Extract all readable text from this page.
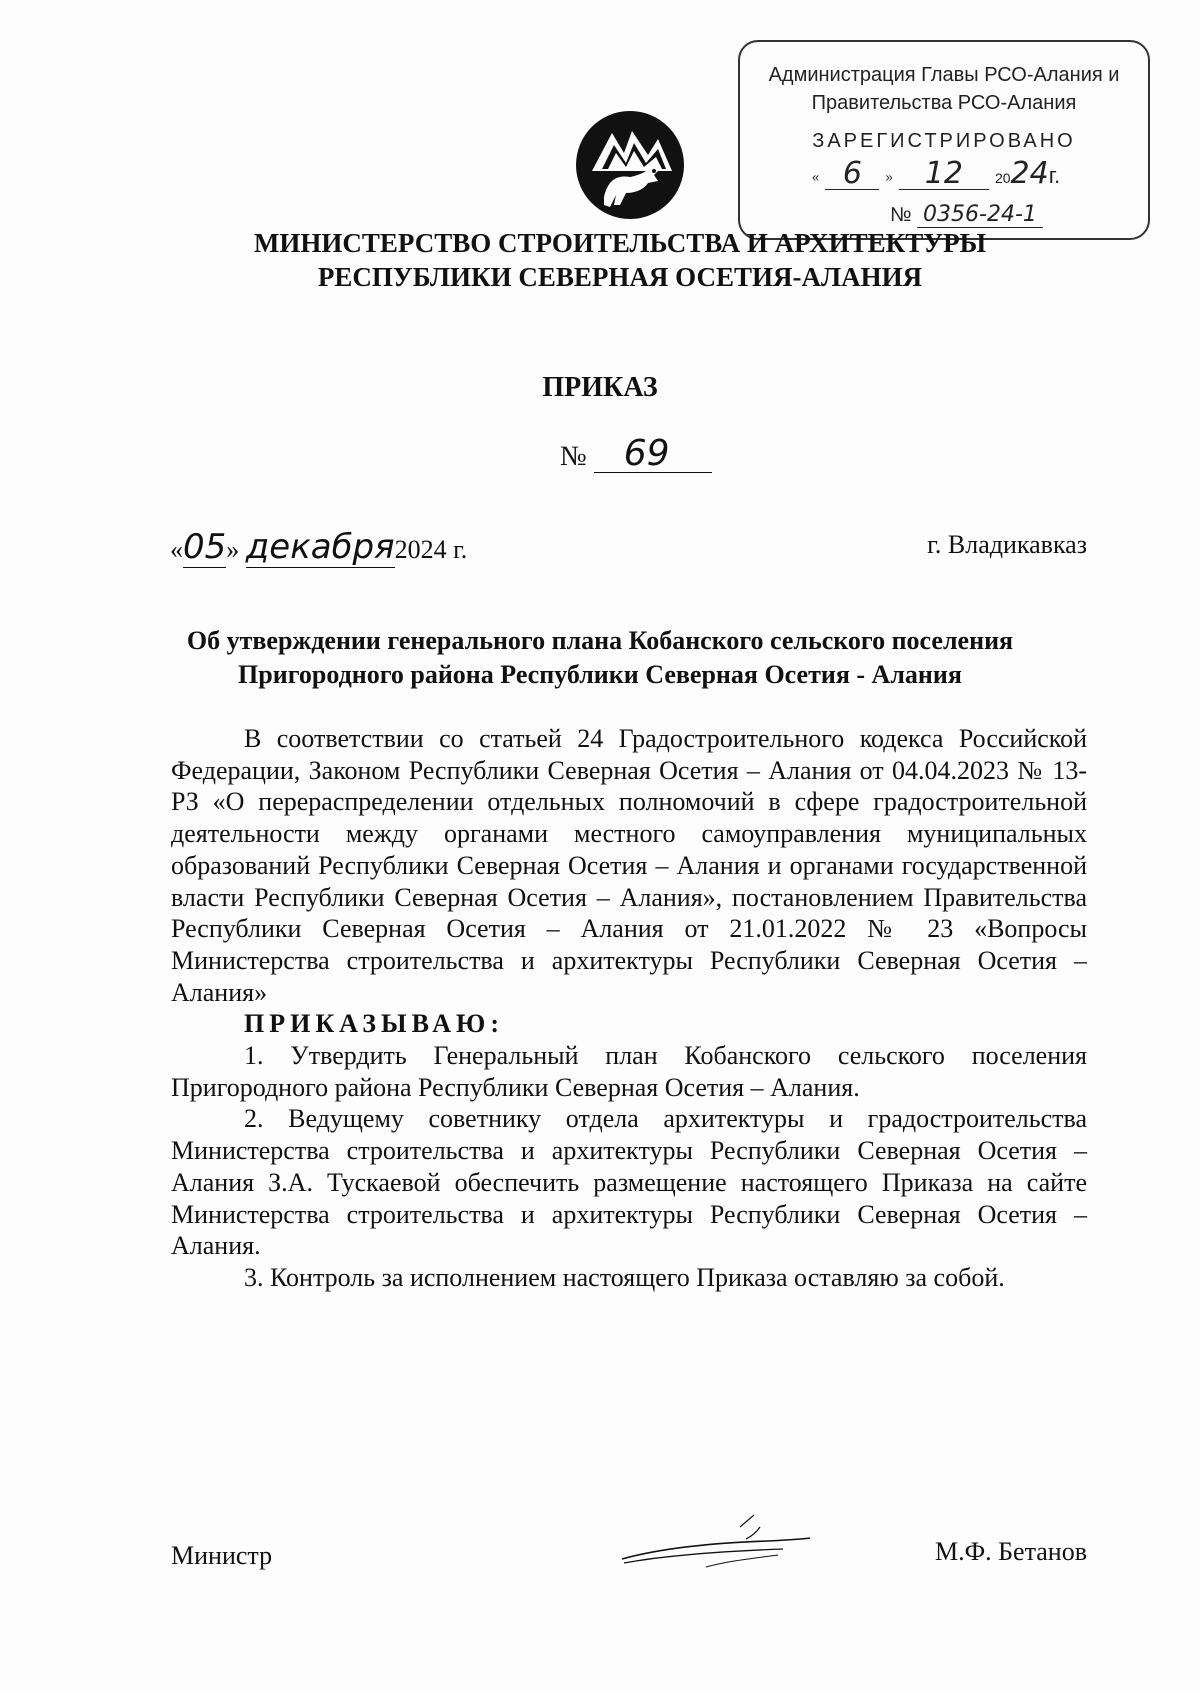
Администрация Главы РСО-Алания и
Правительства РСО-Алания
ЗАРЕГИСТРИРОВАНО
« 6 » 12 2024г.
№ 0356-24-1
МИНИСТЕРСТВО СТРОИТЕЛЬСТВА И АРХИТЕКТУРЫ
РЕСПУБЛИКИ СЕВЕРНАЯ ОСЕТИЯ-АЛАНИЯ
ПРИКАЗ
№ 69
«05» декабря2024 г.	г. Владикавказ
Об утверждении генерального плана Кобанского сельского поселения
Пригородного района Республики Северная Осетия - Алания

В соответствии со статьей 24 Градостроительного кодекса Российской Федерации, Законом Республики Северная Осетия – Алания от 04.04.2023 № 13-РЗ «О перераспределении отдельных полномочий в сфере градостроительной деятельности между органами местного самоуправления муниципальных образований Республики Северная Осетия – Алания и органами государственной власти Республики Северная Осетия – Алания», постановлением Правительства Республики Северная Осетия – Алания от 21.01.2022 № 23 «Вопросы Министерства строительства и архитектуры Республики Северная Осетия – Алания»

ПРИКАЗЫВАЮ:

1. Утвердить Генеральный план Кобанского сельского поселения Пригородного района Республики Северная Осетия – Алания.

2. Ведущему советнику отдела архитектуры и градостроительства Министерства строительства и архитектуры Республики Северная Осетия – Алания З.А. Тускаевой обеспечить размещение настоящего Приказа на сайте Министерства строительства и архитектуры Республики Северная Осетия – Алания.

3. Контроль за исполнением настоящего Приказа оставляю за собой.

Министр	М.Ф. Бетанов
